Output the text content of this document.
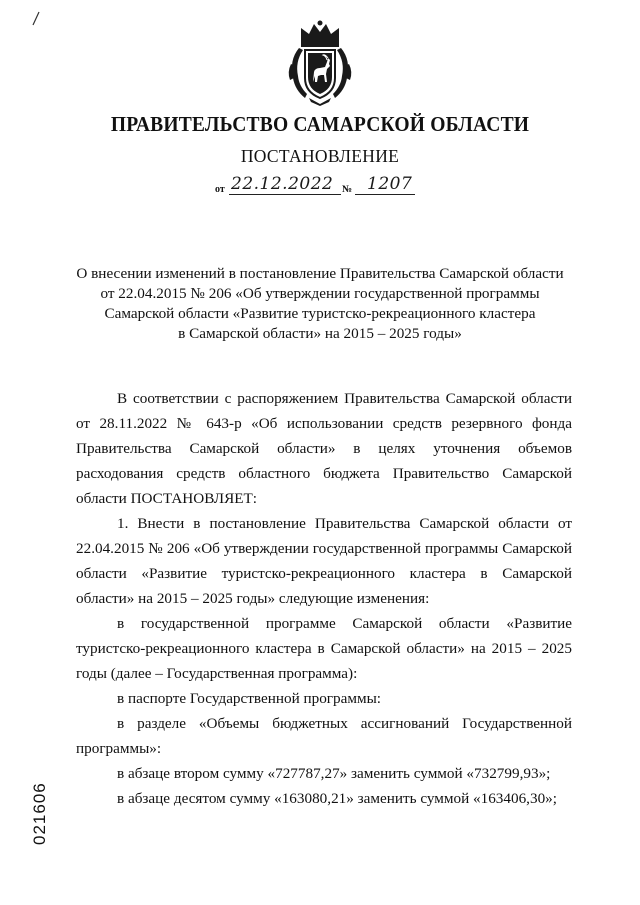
ПРАВИТЕЛЬСТВО САМАРСКОЙ ОБЛАСТИ
ПОСТАНОВЛЕНИЕ
от 22.12.2022 № 1207
О внесении изменений в постановление Правительства Самарской области
от 22.04.2015 № 206 «Об утверждении государственной программы
Самарской области «Развитие туристско-рекреационного кластера
в Самарской области» на 2015 – 2025 годы»

В соответствии с распоряжением Правительства Самарской области от 28.11.2022 № 643-р «Об использовании средств резервного фонда Правительства Самарской области» в целях уточнения объемов расходования средств областного бюджета Правительство Самарской области ПОСТАНОВЛЯЕТ:

1. Внести в постановление Правительства Самарской области от 22.04.2015 № 206 «Об утверждении государственной программы Самарской области «Развитие туристско-рекреационного кластера в Самарской области» на 2015 – 2025 годы» следующие изменения:

в государственной программе Самарской области «Развитие туристско-рекреационного кластера в Самарской области» на 2015 – 2025 годы (далее – Государственная программа):

в паспорте Государственной программы:

в разделе «Объемы бюджетных ассигнований Государственной программы»:

в абзаце втором сумму «727787,27» заменить суммой «732799,93»;

в абзаце десятом сумму «163080,21» заменить суммой «163406,30»;

021606
